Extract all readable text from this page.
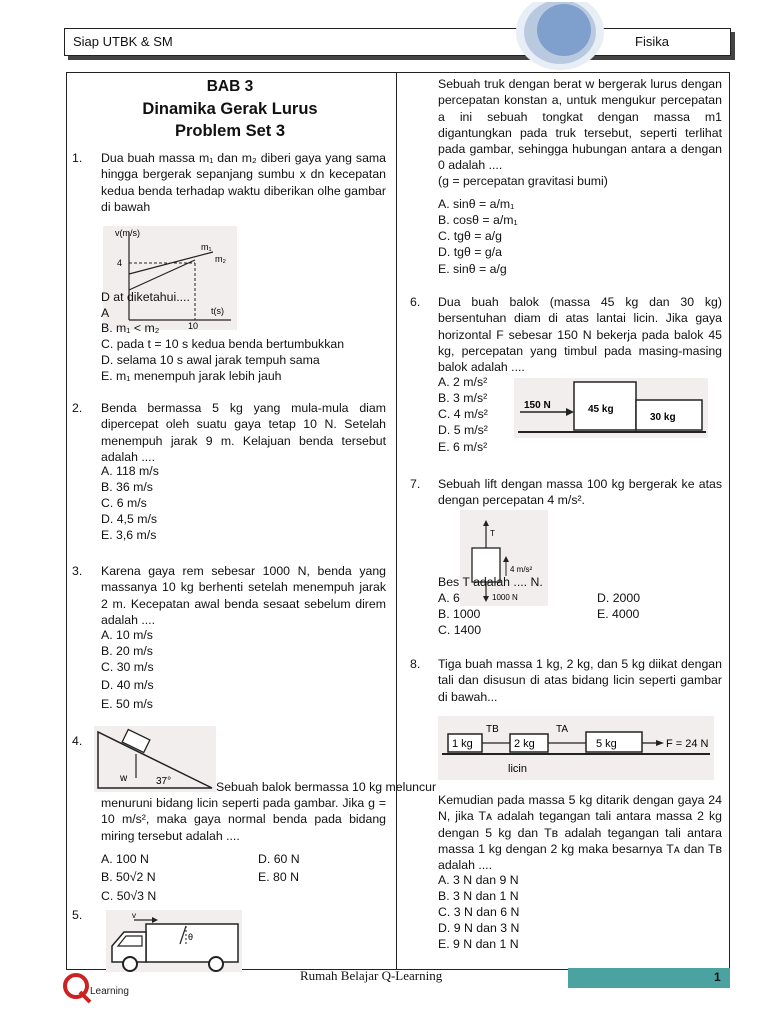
Siap UTBK & SM	Fisika
BAB 3
Dinamika Gerak Lurus
Problem Set 3
1. Dua buah massa m₁ dan m₂ diberi gaya yang sama hingga bergerak sepanjang sumbu x dn kecepatan kedua benda terhadap waktu diberikan olhe gambar di bawah
v(m/s)
4
10
t(s)
m₁
m₂
D at diketahui....
A
B. m₁ < m₂
C. pada t = 10 s kedua benda bertumbukkan
D. selama 10 s awal jarak tempuh sama
E. m₁ menempuh jarak lebih jauh
2. Benda bermassa 5 kg yang mula-mula diam dipercepat oleh suatu gaya tetap 10 N. Setelah menempuh jarak 9 m. Kelajuan benda tersebut adalah ....
A. 118 m/s
B. 36 m/s
C. 6 m/s
D. 4,5 m/s
E. 3,6 m/s
3. Karena gaya rem sebesar 1000 N, benda yang massanya 10 kg berhenti setelah menempuh jarak 2 m. Kecepatan awal benda sesaat sebelum direm adalah ....
A. 10 m/s
B. 20 m/s
C. 30 m/s
D. 40 m/s
E. 50 m/s
4.
w	37°	Sebuah balok bermassa 10 kg meluncur
menuruni bidang licin seperti pada gambar. Jika g = 10 m/s², maka gaya normal benda pada bidang miring tersebut adalah ....
A. 100 N	D. 60 N
B. 50√2 N	E. 80 N
C. 50√3 N
5.	v
θ
Sebuah truk dengan berat w bergerak lurus dengan percepatan konstan a, untuk mengukur percepatan a ini sebuah tongkat dengan massa m1 digantungkan pada truk tersebut, seperti terlihat pada gambar, sehingga hubungan antara a dengan 0 adalah ....
(g = percepatan gravitasi bumi)
A. sinθ = a/m₁
B. cosθ = a/m₁
C. tgθ = a/g
D. tgθ = g/a
E. sinθ = a/g
6. Dua buah balok (massa 45 kg dan 30 kg) bersentuhan diam di atas lantai licin. Jika gaya horizontal F sebesar 150 N bekerja pada balok 45 kg, percepatan yang timbul pada masing-masing balok adalah ....
A. 2 m/s²
B. 3 m/s²
C. 4 m/s²
D. 5 m/s²
E. 6 m/s²
150 N	45 kg
30 kg
7. Sebuah lift dengan massa 100 kg bergerak ke atas dengan percepatan 4 m/s².
T
4 m/s²
1000 N
Bes T adalah .... N.
A. 6	D. 2000
B. 1000	E. 4000
C. 1400
8. Tiga buah massa 1 kg, 2 kg, dan 5 kg diikat dengan tali dan disusun di atas bidang licin seperti gambar di bawah...
1 kg	2 kg	5 kg
TB	TA
F = 24 N
licin
Kemudian pada massa 5 kg ditarik dengan gaya 24 N, jika Tᴀ adalah tegangan tali antara massa 2 kg dengan 5 kg dan Tʙ adalah tegangan tali antara massa 1 kg dengan 2 kg maka besarnya Tᴀ dan Tʙ adalah ....
A. 3 N dan 9 N
B. 3 N dan 1 N
C. 3 N dan 6 N
D. 9 N dan 3 N
E. 9 N dan 1 N
Learning
Rumah Belajar Q-Learning	1
